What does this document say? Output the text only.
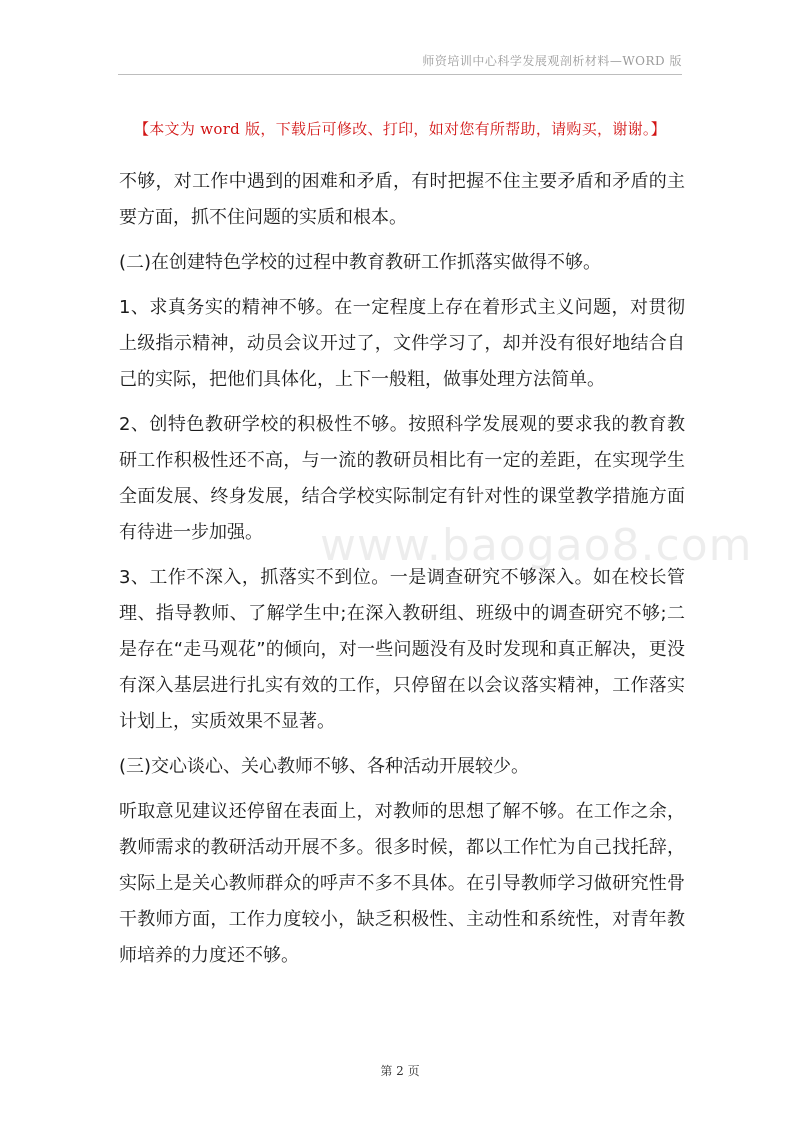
师资培训中心科学发展观剖析材料—WORD 版
【本文为 word 版，下载后可修改、打印，如对您有所帮助，请购买，谢谢。】

不够，对工作中遇到的困难和矛盾，有时把握不住主要矛盾和矛盾的主要方面，抓不住问题的实质和根本。

(二)在创建特色学校的过程中教育教研工作抓落实做得不够。

1、求真务实的精神不够。在一定程度上存在着形式主义问题，对贯彻上级指示精神，动员会议开过了，文件学习了，却并没有很好地结合自己的实际，把他们具体化，上下一般粗，做事处理方法简单。

2、创特色教研学校的积极性不够。按照科学发展观的要求我的教育教研工作积极性还不高，与一流的教研员相比有一定的差距，在实现学生全面发展、终身发展，结合学校实际制定有针对性的课堂教学措施方面有待进一步加强。

3、工作不深入，抓落实不到位。一是调查研究不够深入。如在校长管理、指导教师、了解学生中;在深入教研组、班级中的调查研究不够;二是存在“走马观花”的倾向，对一些问题没有及时发现和真正解决，更没有深入基层进行扎实有效的工作，只停留在以会议落实精神，工作落实计划上，实质效果不显著。

(三)交心谈心、关心教师不够、各种活动开展较少。

听取意见建议还停留在表面上，对教师的思想了解不够。在工作之余，教师需求的教研活动开展不多。很多时候，都以工作忙为自己找托辞，实际上是关心教师群众的呼声不多不具体。在引导教师学习做研究性骨干教师方面，工作力度较小，缺乏积极性、主动性和系统性，对青年教师培养的力度还不够。

www.baogao8.com
第 2 页
